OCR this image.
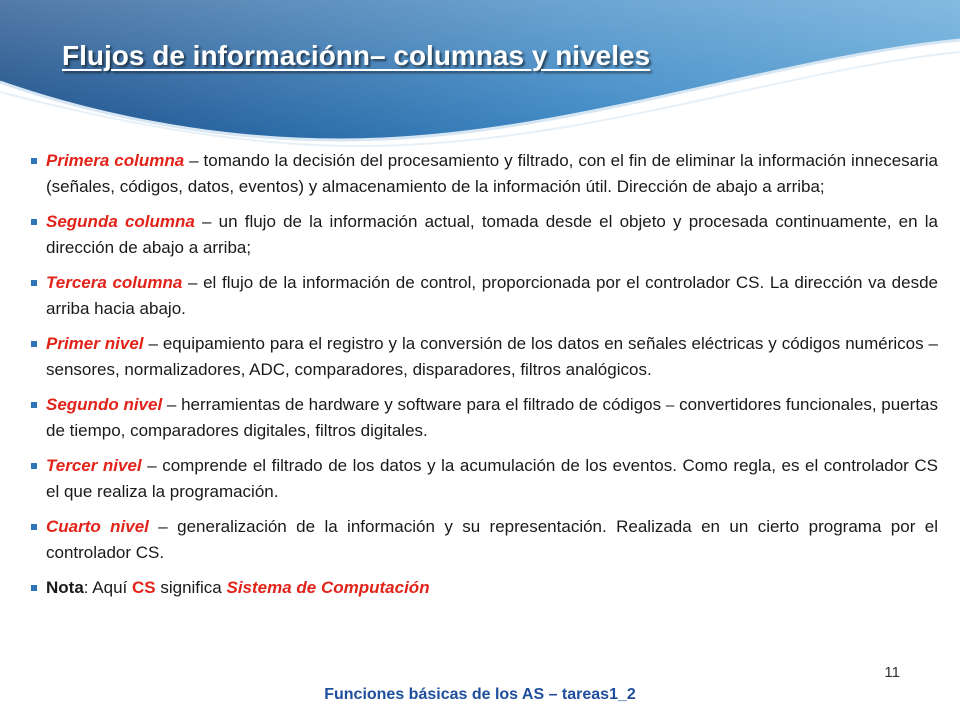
Flujos de informaciónn– columnas y niveles
Primera columna – tomando la decisión del procesamiento y filtrado, con el fin de eliminar la información innecesaria (señales, códigos, datos, eventos) y almacenamiento de la información útil. Dirección de abajo a arriba;
Segunda columna – un flujo de la información actual, tomada desde el objeto y procesada continuamente, en la dirección de abajo a arriba;
Tercera columna – el flujo de la información de control, proporcionada por el controlador CS. La dirección va desde arriba hacia abajo.
Primer nivel – equipamiento para el registro y la conversión de los datos en señales eléctricas y códigos numéricos – sensores, normalizadores, ADC, comparadores, disparadores, filtros analógicos.
Segundo nivel – herramientas de hardware y software para el filtrado de códigos ⎯ convertidores funcionales, puertas de tiempo, comparadores digitales, filtros digitales.
Tercer nivel – comprende el filtrado de los datos y la acumulación de los eventos. Como regla, es el controlador CS el que realiza la programación.
Cuarto nivel – generalización de la información y su representación. Realizada en un cierto programa por el controlador CS.
Nota: Aquí CS significa Sistema de Computación
11
Funciones básicas de los AS – tareas1_2
